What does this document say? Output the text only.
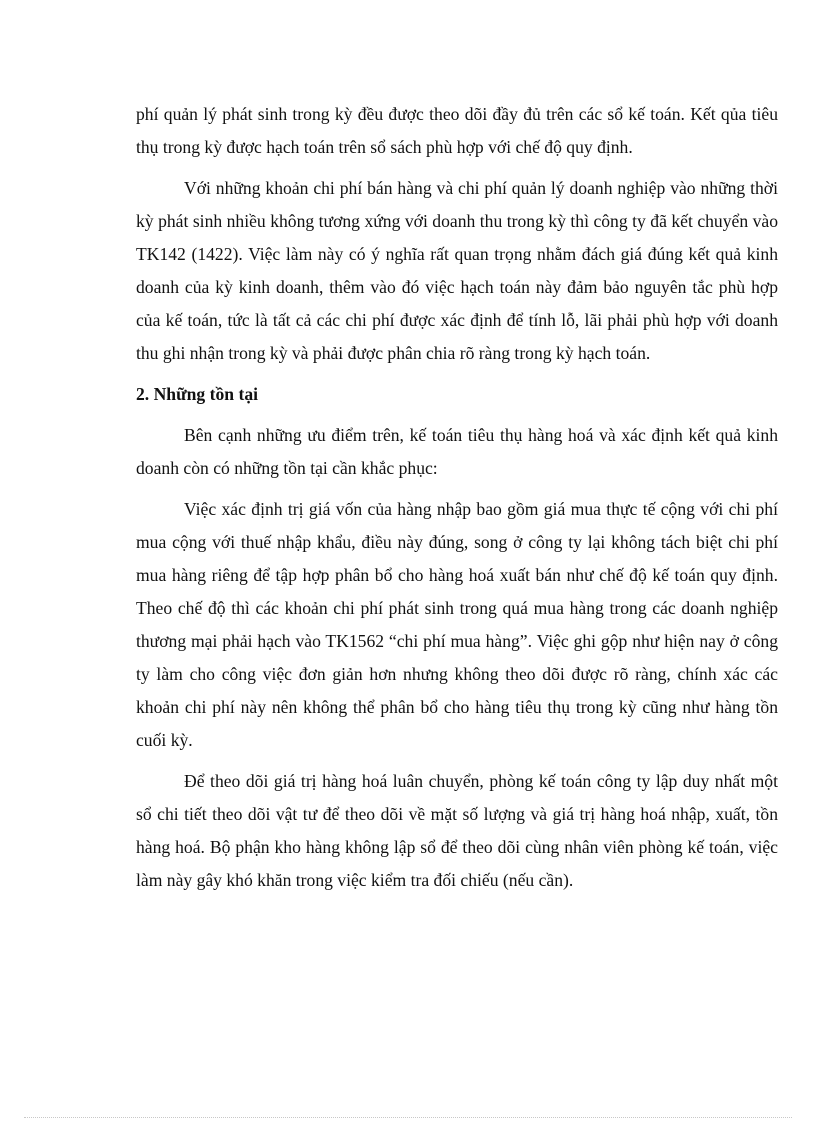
phí quản lý phát sinh trong kỳ đều được theo dõi đầy đủ trên các sổ kế toán. Kết qủa tiêu thụ trong kỳ được hạch toán trên sổ sách phù hợp với chế độ quy định.

Với những khoản chi phí bán hàng và chi phí quản lý doanh nghiệp vào những thời kỳ phát sinh nhiều không tương xứng với doanh thu trong kỳ thì công ty đã kết chuyển vào TK142 (1422). Việc làm này có ý nghĩa rất quan trọng nhằm đách giá đúng kết quả kinh doanh của kỳ kinh doanh, thêm vào đó việc hạch toán này đảm bảo nguyên tắc phù hợp của kế toán, tức là tất cả các chi phí được xác định để tính lỗ, lãi phải phù hợp với doanh thu ghi nhận trong kỳ và phải được phân chia rõ ràng trong kỳ hạch toán.

2. Những tồn tại

Bên cạnh những ưu điểm trên, kế toán tiêu thụ hàng hoá và xác định kết quả kinh doanh còn có những tồn tại cần khắc phục:

Việc xác định trị giá vốn của hàng nhập bao gồm giá mua thực tế cộng với chi phí mua cộng với thuế nhập khẩu, điều này đúng, song ở công ty lại không tách biệt chi phí mua hàng riêng để tập hợp phân bổ cho hàng hoá xuất bán như chế độ kế toán quy định. Theo chế độ thì các khoản chi phí phát sinh trong quá mua hàng trong các doanh nghiệp thương mại phải hạch vào TK1562 “chi phí mua hàng”. Việc ghi gộp như hiện nay ở công ty làm cho công việc đơn giản hơn nhưng không theo dõi được rõ ràng, chính xác các khoản chi phí này nên không thể phân bổ cho hàng tiêu thụ trong kỳ cũng như hàng tồn cuối kỳ.

Để theo dõi giá trị hàng hoá luân chuyển, phòng kế toán công ty lập duy nhất một sổ chi tiết theo dõi vật tư để theo dõi về mặt số lượng và giá trị hàng hoá nhập, xuất, tồn hàng hoá. Bộ phận kho hàng không lập sổ để theo dõi cùng nhân viên phòng kế toán, việc làm này gây khó khăn trong việc kiểm tra đối chiếu (nếu cần).
